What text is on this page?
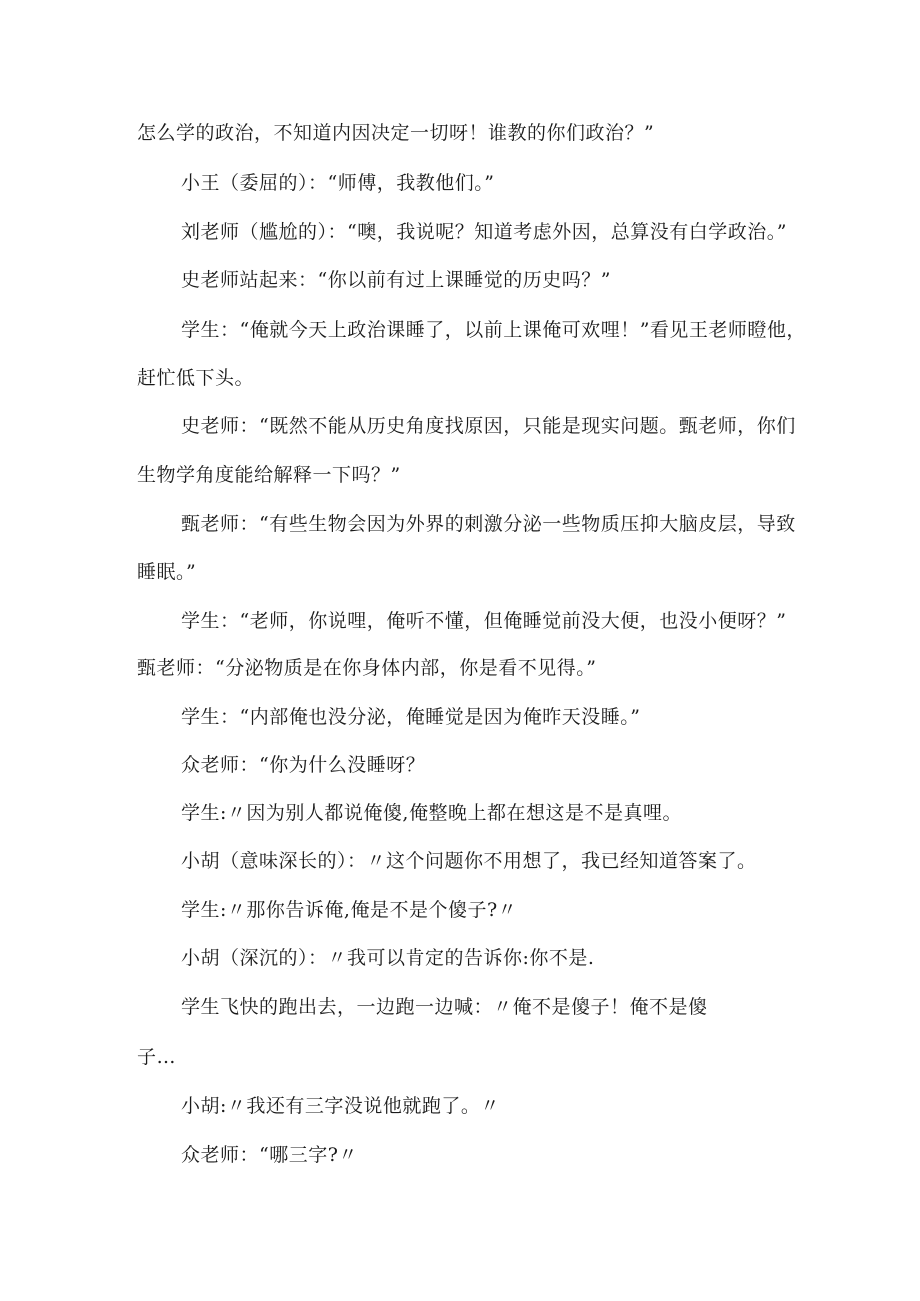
怎么学的政治，不知道内因决定一切呀！谁教的你们政治？”
小王（委屈的）：“师傅，我教他们。”
刘老师（尴尬的）：“噢，我说呢？知道考虑外因，总算没有白学政治。”
史老师站起来：“你以前有过上课睡觉的历史吗？”
学生：“俺就今天上政治课睡了，以前上课俺可欢哩！”看见王老师瞪他，
赶忙低下头。
史老师：“既然不能从历史角度找原因，只能是现实问题。甄老师，你们
生物学角度能给解释一下吗？”
甄老师：“有些生物会因为外界的刺激分泌一些物质压抑大脑皮层，导致
睡眠。”
学生：“老师，你说哩，俺听不懂，但俺睡觉前没大便，也没小便呀？”
甄老师：“分泌物质是在你身体内部，你是看不见得。”
学生：“内部俺也没分泌，俺睡觉是因为俺昨天没睡。”
众老师：“你为什么没睡呀？
学生:〃因为别人都说俺傻,俺整晚上都在想这是不是真哩。
小胡（意味深长的）：〃这个问题你不用想了，我已经知道答案了。
学生:〃那你告诉俺,俺是不是个傻子?〃
小胡（深沉的）：〃我可以肯定的告诉你:你不是.
学生飞快的跑出去，一边跑一边喊：〃俺不是傻子！俺不是傻
子…
小胡:〃我还有三字没说他就跑了。〃
众老师：“哪三字?〃
